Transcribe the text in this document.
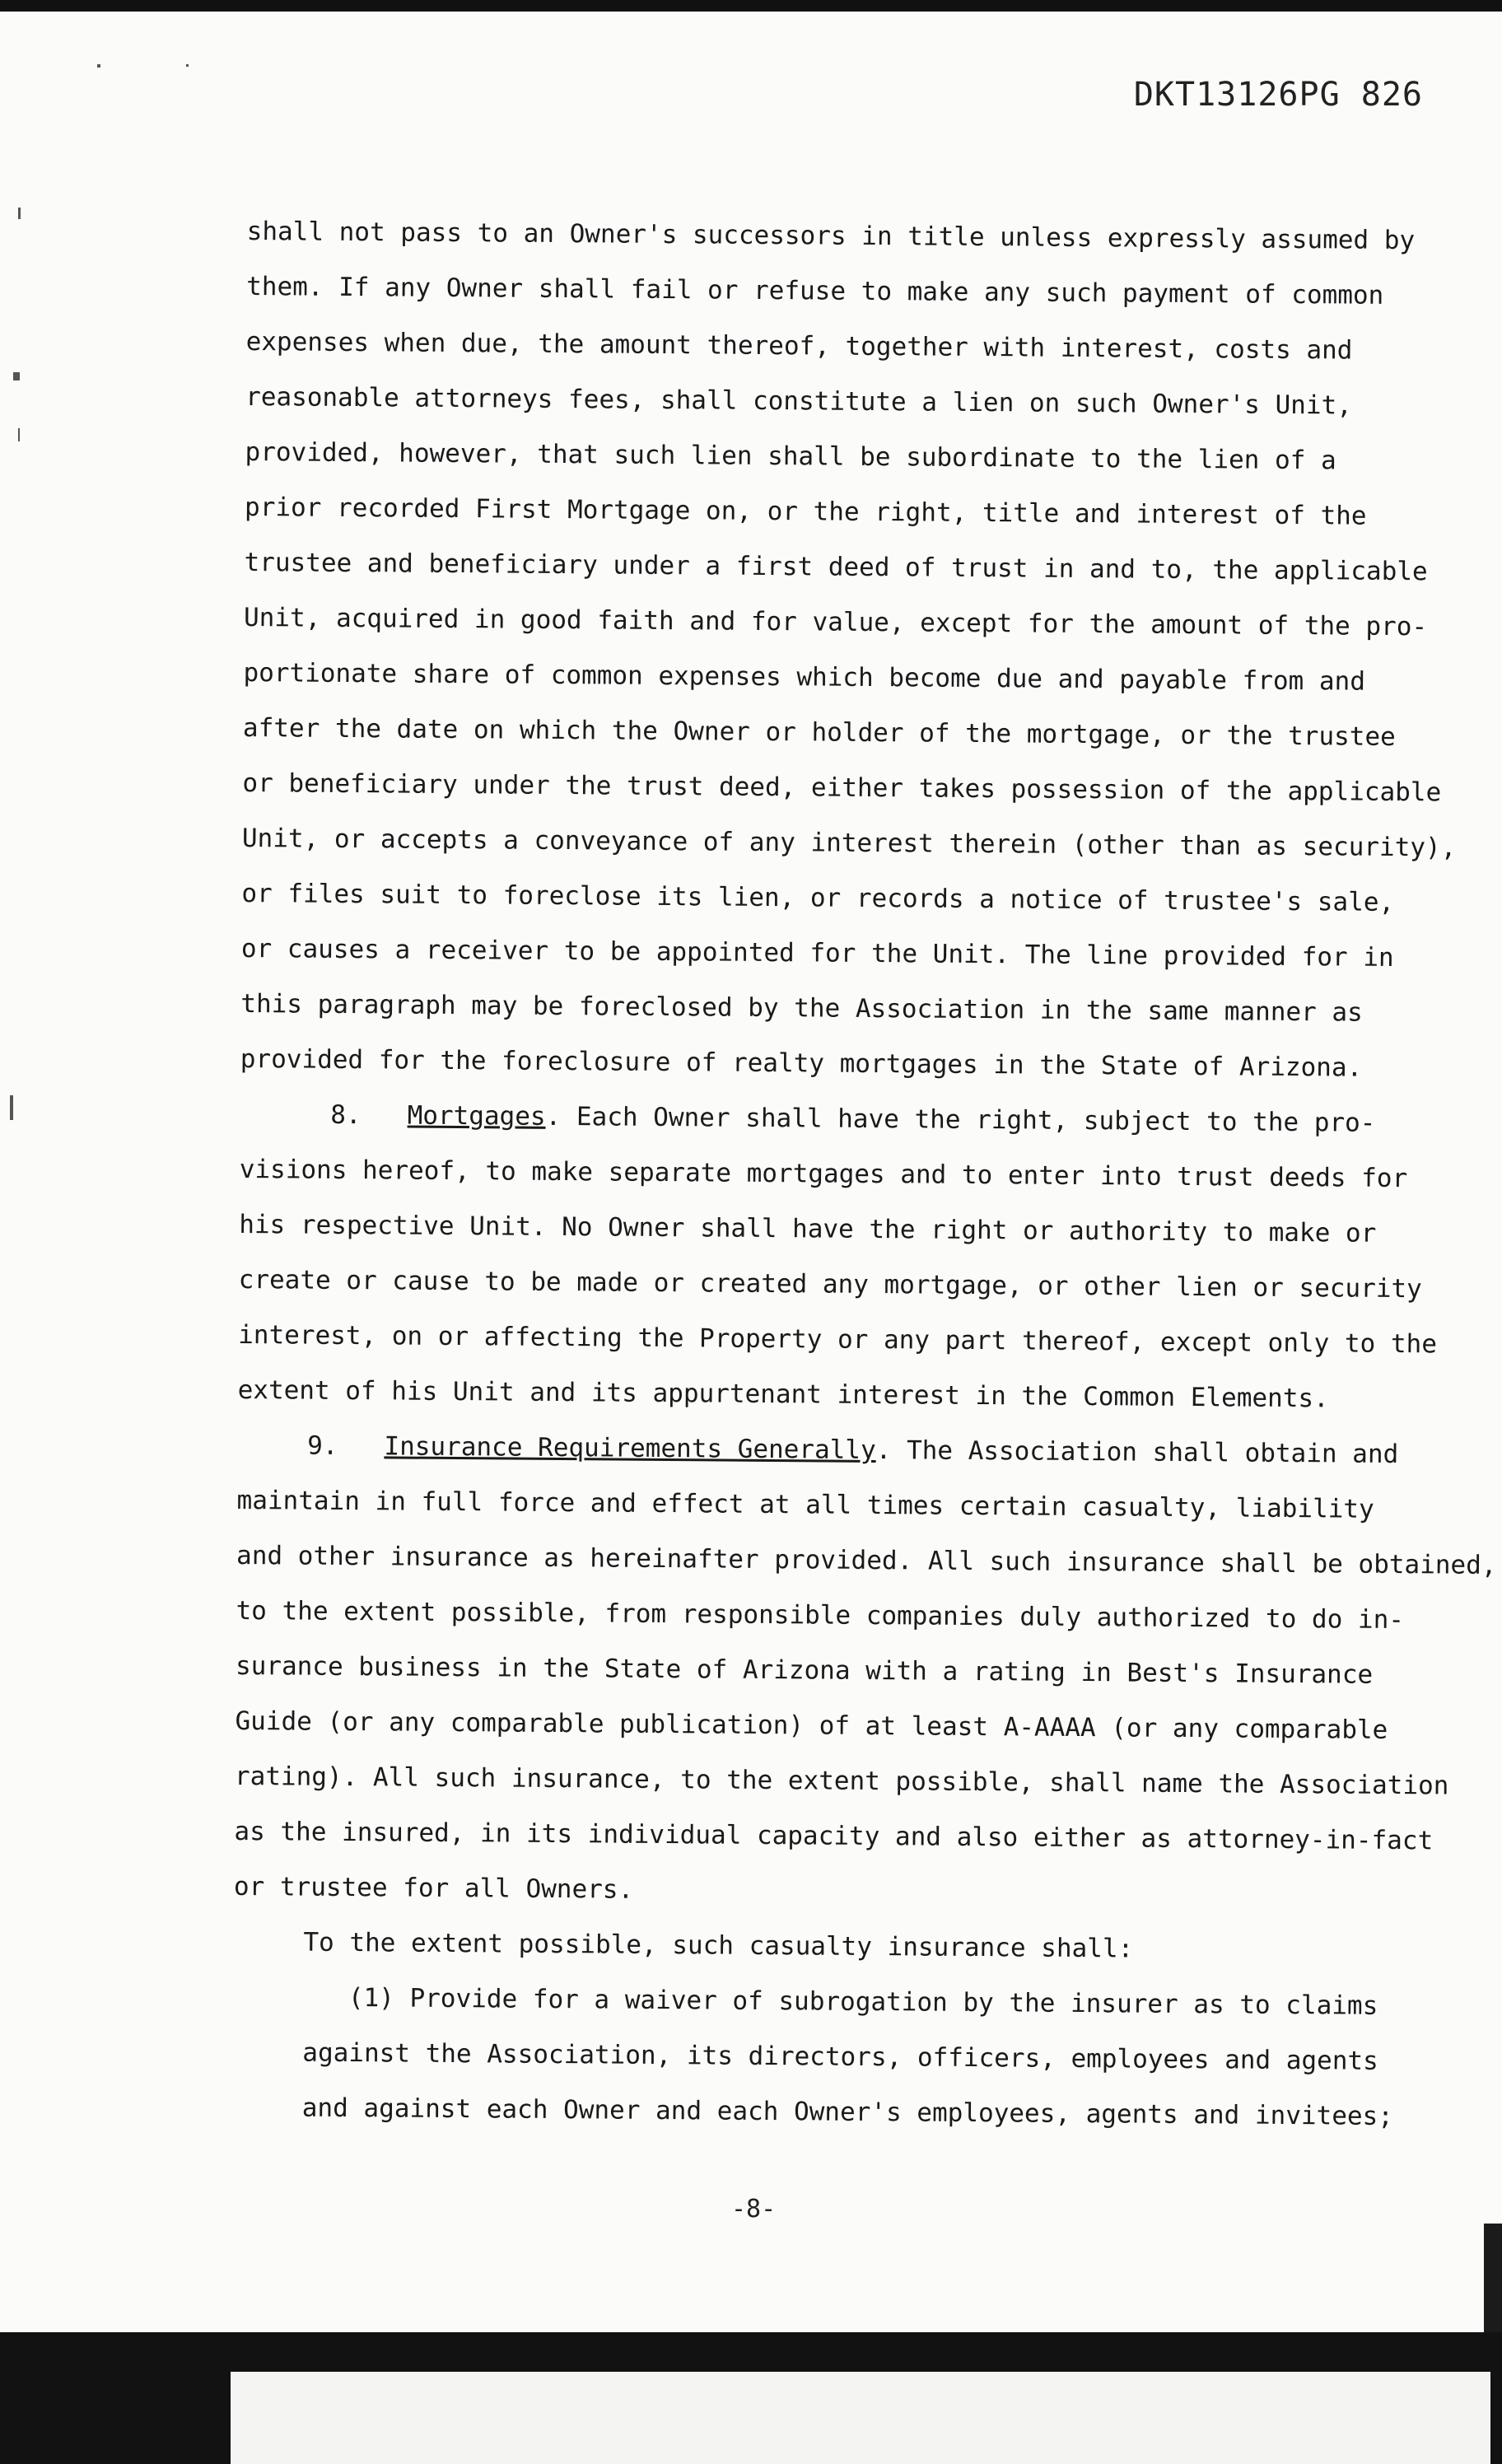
DKT13126PG 826
shall not pass to an Owner's successors in title unless expressly assumed by
them. If any Owner shall fail or refuse to make any such payment of common
expenses when due, the amount thereof, together with interest, costs and
reasonable attorneys fees, shall constitute a lien on such Owner's Unit,
provided, however, that such lien shall be subordinate to the lien of a
prior recorded First Mortgage on, or the right, title and interest of the
trustee and beneficiary under a first deed of trust in and to, the applicable
Unit, acquired in good faith and for value, except for the amount of the pro-
portionate share of common expenses which become due and payable from and
after the date on which the Owner or holder of the mortgage, or the trustee
or beneficiary under the trust deed, either takes possession of the applicable
Unit, or accepts a conveyance of any interest therein (other than as security),
or files suit to foreclose its lien, or records a notice of trustee's sale,
or causes a receiver to be appointed for the Unit. The line provided for in
this paragraph may be foreclosed by the Association in the same manner as
provided for the foreclosure of realty mortgages in the State of Arizona.
8. Mortgages. Each Owner shall have the right, subject to the pro-
visions hereof, to make separate mortgages and to enter into trust deeds for
his respective Unit. No Owner shall have the right or authority to make or
create or cause to be made or created any mortgage, or other lien or security
interest, on or affecting the Property or any part thereof, except only to the
extent of his Unit and its appurtenant interest in the Common Elements.
9. Insurance Requirements Generally. The Association shall obtain and
maintain in full force and effect at all times certain casualty, liability
and other insurance as hereinafter provided. All such insurance shall be obtained,
to the extent possible, from responsible companies duly authorized to do in-
surance business in the State of Arizona with a rating in Best's Insurance
Guide (or any comparable publication) of at least A-AAAA (or any comparable
rating). All such insurance, to the extent possible, shall name the Association
as the insured, in its individual capacity and also either as attorney-in-fact
or trustee for all Owners.
To the extent possible, such casualty insurance shall:
(1) Provide for a waiver of subrogation by the insurer as to claims
against the Association, its directors, officers, employees and agents
and against each Owner and each Owner's employees, agents and invitees;
-8-
